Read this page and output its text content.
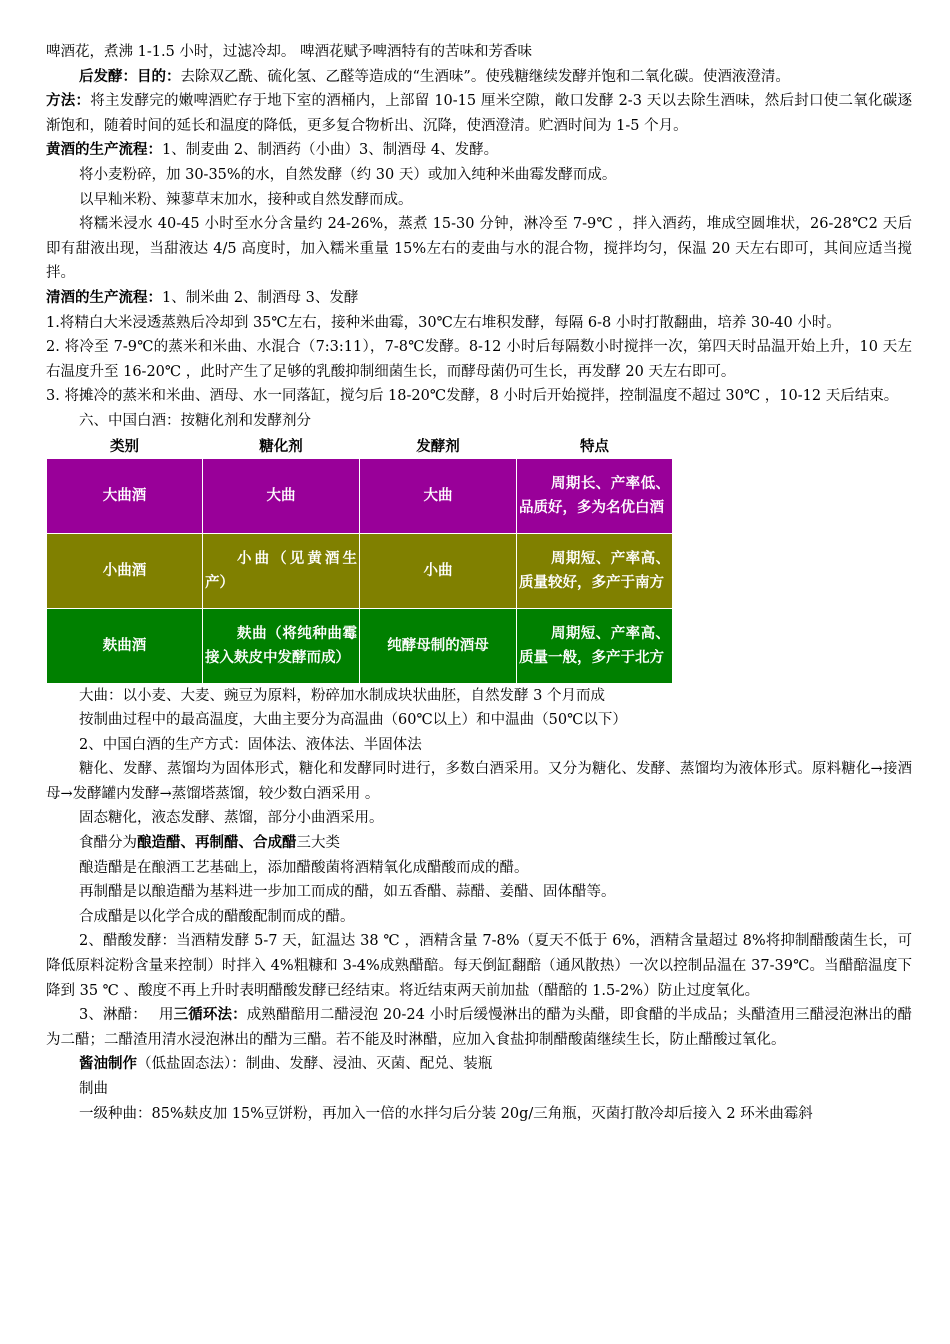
啤酒花，煮沸 1-1.5 小时，过滤冷却。 啤酒花赋予啤酒特有的苦味和芳香味

后发酵：目的：去除双乙酰、硫化氢、乙醛等造成的“生酒味”。使残糖继续发酵并饱和二氧化碳。使酒液澄清。

方法：将主发酵完的嫩啤酒贮存于地下室的酒桶内，上部留 10-15 厘米空隙，敞口发酵 2-3 天以去除生酒味，然后封口使二氧化碳逐渐饱和，随着时间的延长和温度的降低，更多复合物析出、沉降，使酒澄清。贮酒时间为 1-5 个月。

黄酒的生产流程：1、制麦曲 2、制酒药（小曲）3、制酒母 4、发酵。

将小麦粉碎，加 30-35%的水，自然发酵（约 30 天）或加入纯种米曲霉发酵而成。

以早籼米粉、辣蓼草末加水，接种或自然发酵而成。

将糯米浸水 40-45 小时至水分含量约 24-26%，蒸煮 15-30 分钟，淋冷至 7-9℃ ，拌入酒药，堆成空圆堆状，26-28℃2 天后即有甜液出现，当甜液达 4/5 高度时，加入糯米重量 15%左右的麦曲与水的混合物，搅拌均匀，保温 20 天左右即可，其间应适当搅拌。

清酒的生产流程：1、制米曲 2、制酒母 3、发酵

1.将精白大米浸透蒸熟后冷却到 35℃左右，接种米曲霉，30℃左右堆积发酵，每隔 6-8 小时打散翻曲，培养 30-40 小时。

2. 将冷至 7-9℃的蒸米和米曲、水混合（7:3:11），7-8℃发酵。8-12 小时后每隔数小时搅拌一次，第四天时品温开始上升，10 天左右温度升至 16-20℃ ，此时产生了足够的乳酸抑制细菌生长，而酵母菌仍可生长，再发酵 20 天左右即可。

3. 将摊冷的蒸米和米曲、酒母、水一同落缸，搅匀后 18-20℃发酵，8 小时后开始搅拌，控制温度不超过 30℃ ，10-12 天后结束。

六、中国白酒：按糖化剂和发酵剂分

类别	糖化剂	发酵剂	特点
大曲酒	大曲	大曲	周期长、产率低、品质好，多为名优白酒
小曲酒	小曲（见黄酒生产）	小曲	周期短、产率高、质量较好，多产于南方
麸曲酒	麸曲（将纯种曲霉接入麸皮中发酵而成）	纯酵母制的酒母	周期短、产率高、质量一般，多产于北方

大曲：以小麦、大麦、豌豆为原料，粉碎加水制成块状曲胚，自然发酵 3 个月而成

按制曲过程中的最高温度，大曲主要分为高温曲（60℃以上）和中温曲（50℃以下）

2、中国白酒的生产方式：固体法、液体法、半固体法

糖化、发酵、蒸馏均为固体形式，糖化和发酵同时进行，多数白酒采用。又分为糖化、发酵、蒸馏均为液体形式。原料糖化→接酒母→发酵罐内发酵→蒸馏塔蒸馏，较少数白酒采用 。

固态糖化，液态发酵、蒸馏，部分小曲酒采用。

食醋分为酿造醋、再制醋、合成醋三大类

酿造醋是在酿酒工艺基础上，添加醋酸菌将酒精氧化成醋酸而成的醋。

再制醋是以酿造醋为基料进一步加工而成的醋，如五香醋、蒜醋、姜醋、固体醋等。

合成醋是以化学合成的醋酸配制而成的醋。

2、醋酸发酵：当酒精发酵 5-7 天，缸温达 38 ℃ ，酒精含量 7-8%（夏天不低于 6%，酒精含量超过 8%将抑制醋酸菌生长，可降低原料淀粉含量来控制）时拌入 4%粗糠和 3-4%成熟醋醅。每天倒缸翻醅（通风散热）一次以控制品温在 37-39℃。当醋醅温度下降到 35 ℃ 、酸度不再上升时表明醋酸发酵已经结束。将近结束两天前加盐（醋醅的 1.5-2%）防止过度氧化。

3、淋醋：　 用三循环法：成熟醋醅用二醋浸泡 20-24 小时后缓慢淋出的醋为头醋，即食醋的半成品；头醋渣用三醋浸泡淋出的醋为二醋；二醋渣用清水浸泡淋出的醋为三醋。若不能及时淋醋，应加入食盐抑制醋酸菌继续生长，防止醋酸过氧化。

酱油制作（低盐固态法）：制曲、发酵、浸油、灭菌、配兑、装瓶

制曲

一级种曲：85%麸皮加 15%豆饼粉，再加入一倍的水拌匀后分装 20g/三角瓶，灭菌打散冷却后接入 2 环米曲霉斜
